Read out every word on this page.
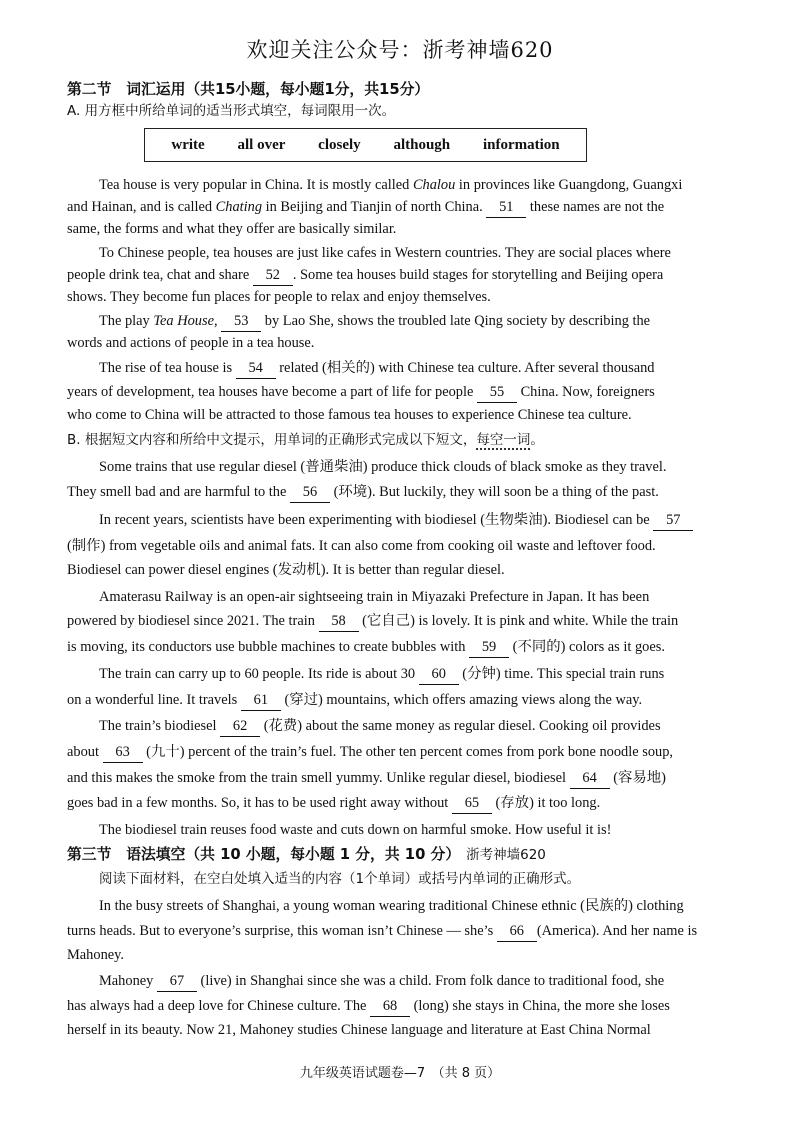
欢迎关注公众号：浙考神墙620
第二节　词汇运用（共15小题，每小题1分，共15分）
A. 用方框中所给单词的适当形式填空，每词限用一次。
write all over closely although information
Tea house is very popular in China. It is mostly called Chalou in provinces like Guangdong, Guangxi
and Hainan, and is called Chating in Beijing and Tianjin of north China. 51 these names are not the
same, the forms and what they offer are basically similar.
To Chinese people, tea houses are just like cafes in Western countries. They are social places where
people drink tea, chat and share 52 . Some tea houses build stages for storytelling and Beijing opera
shows. They become fun places for people to relax and enjoy themselves.
The play Tea House, 53 by Lao She, shows the troubled late Qing society by describing the
words and actions of people in a tea house.
The rise of tea house is 54 related (相关的) with Chinese tea culture. After several thousand
years of development, tea houses have become a part of life for people 55 China. Now, foreigners
who come to China will be attracted to those famous tea houses to experience Chinese tea culture.
B. 根据短文内容和所给中文提示，用单词的正确形式完成以下短文，每空一词。
Some trains that use regular diesel (普通柴油) produce thick clouds of black smoke as they travel.
They smell bad and are harmful to the 56 (环境). But luckily, they will soon be a thing of the past.
In recent years, scientists have been experimenting with biodiesel (生物柴油). Biodiesel can be 57
(制作) from vegetable oils and animal fats. It can also come from cooking oil waste and leftover food.
Biodiesel can power diesel engines (发动机). It is better than regular diesel.
Amaterasu Railway is an open-air sightseeing train in Miyazaki Prefecture in Japan. It has been
powered by biodiesel since 2021. The train 58 (它自己) is lovely. It is pink and white. While the train
is moving, its conductors use bubble machines to create bubbles with 59 (不同的) colors as it goes.
The train can carry up to 60 people. Its ride is about 30 60 (分钟) time. This special train runs
on a wonderful line. It travels 61 (穿过) mountains, which offers amazing views along the way.
The train’s biodiesel 62 (花费) about the same money as regular diesel. Cooking oil provides
about 63 (九十) percent of the train’s fuel. The other ten percent comes from pork bone noodle soup,
and this makes the smoke from the train smell yummy. Unlike regular diesel, biodiesel 64 (容易地)
goes bad in a few months. So, it has to be used right away without 65 (存放) it too long.
The biodiesel train reuses food waste and cuts down on harmful smoke. How useful it is!
第三节　语法填空（共 10 小题，每小题 1 分，共 10 分） 浙考神墙620
阅读下面材料，在空白处填入适当的内容（1个单词）或括号内单词的正确形式。
In the busy streets of Shanghai, a young woman wearing traditional Chinese ethnic (民族的) clothing
turns heads. But to everyone’s surprise, this woman isn’t Chinese — she’s 66 (America). And her name is
Mahoney.
Mahoney 67 (live) in Shanghai since she was a child. From folk dance to traditional food, she
has always had a deep love for Chinese culture. The 68 (long) she stays in China, the more she loses
herself in its beauty. Now 21, Mahoney studies Chinese language and literature at East China Normal
九年级英语试题卷—7　（共 8 页）
